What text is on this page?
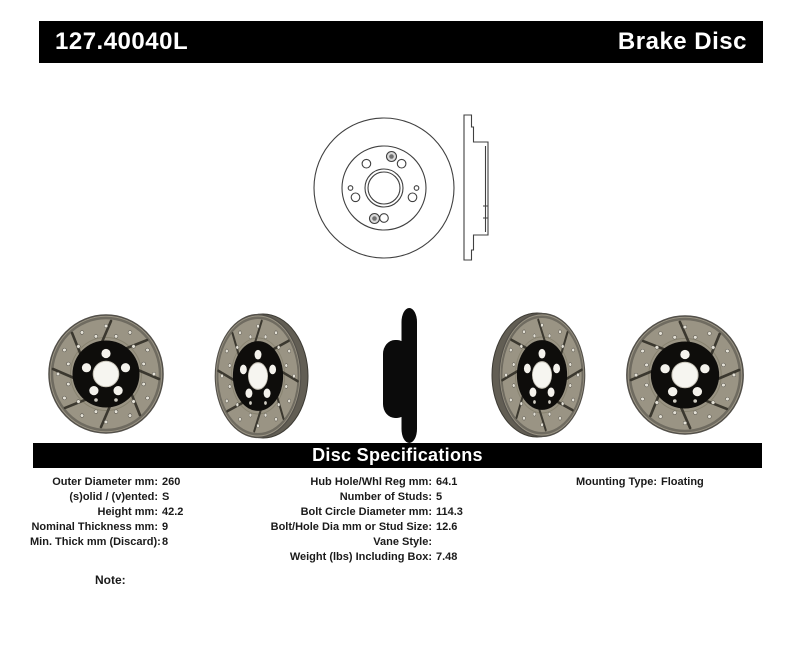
127.40040L	Brake Disc
Disc Specifications
Outer Diameter mm: 260
(s)olid / (v)ented: S
Height mm: 42.2
Nominal Thickness mm: 9
Min. Thick mm (Discard): 8
Hub Hole/Whl Reg mm: 64.1
Number of Studs: 5
Bolt Circle Diameter mm: 114.3
Bolt/Hole Dia mm or Stud Size: 12.6
Vane Style:
Weight (lbs) Including Box: 7.48
Mounting Type: Floating
Note:
